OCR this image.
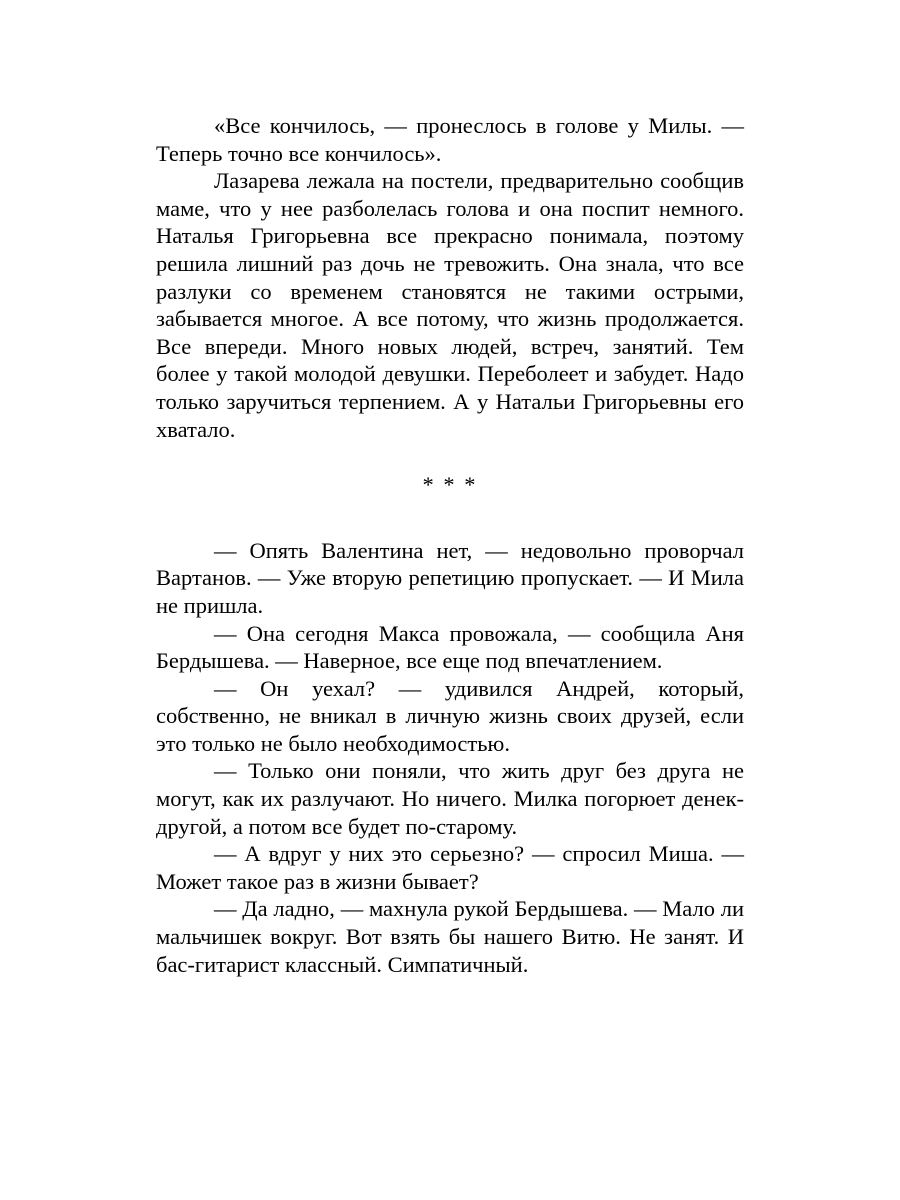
«Все кончилось, — пронеслось в голове у Милы. — Теперь точно все кончилось».

Лазарева лежала на постели, предварительно сообщив маме, что у нее разболелась голова и она поспит немного. Наталья Григорьевна все прекрасно понимала, поэтому решила лишний раз дочь не тревожить. Она знала, что все разлуки со временем становятся не такими острыми, забывается многое. А все потому, что жизнь продолжается. Все впереди. Много новых людей, встреч, занятий. Тем более у такой молодой девушки. Переболеет и забудет. Надо только заручиться терпением. А у Натальи Григорьевны его хватало.

* * *

— Опять Валентина нет, — недовольно проворчал Вартанов. — Уже вторую репетицию пропускает. — И Мила не пришла.

— Она сегодня Макса провожала, — сообщила Аня Бердышева. — Наверное, все еще под впечатлением.

— Он уехал? — удивился Андрей, который, собственно, не вникал в личную жизнь своих друзей, если это только не было необходимостью.

— Только они поняли, что жить друг без друга не могут, как их разлучают. Но ничего. Милка погорюет денек-другой, а потом все будет по-старому.

— А вдруг у них это серьезно? — спросил Миша. — Может такое раз в жизни бывает?

— Да ладно, — махнула рукой Бердышева. — Мало ли мальчишек вокруг. Вот взять бы нашего Витю. Не занят. И бас-гитарист классный. Симпатичный.
